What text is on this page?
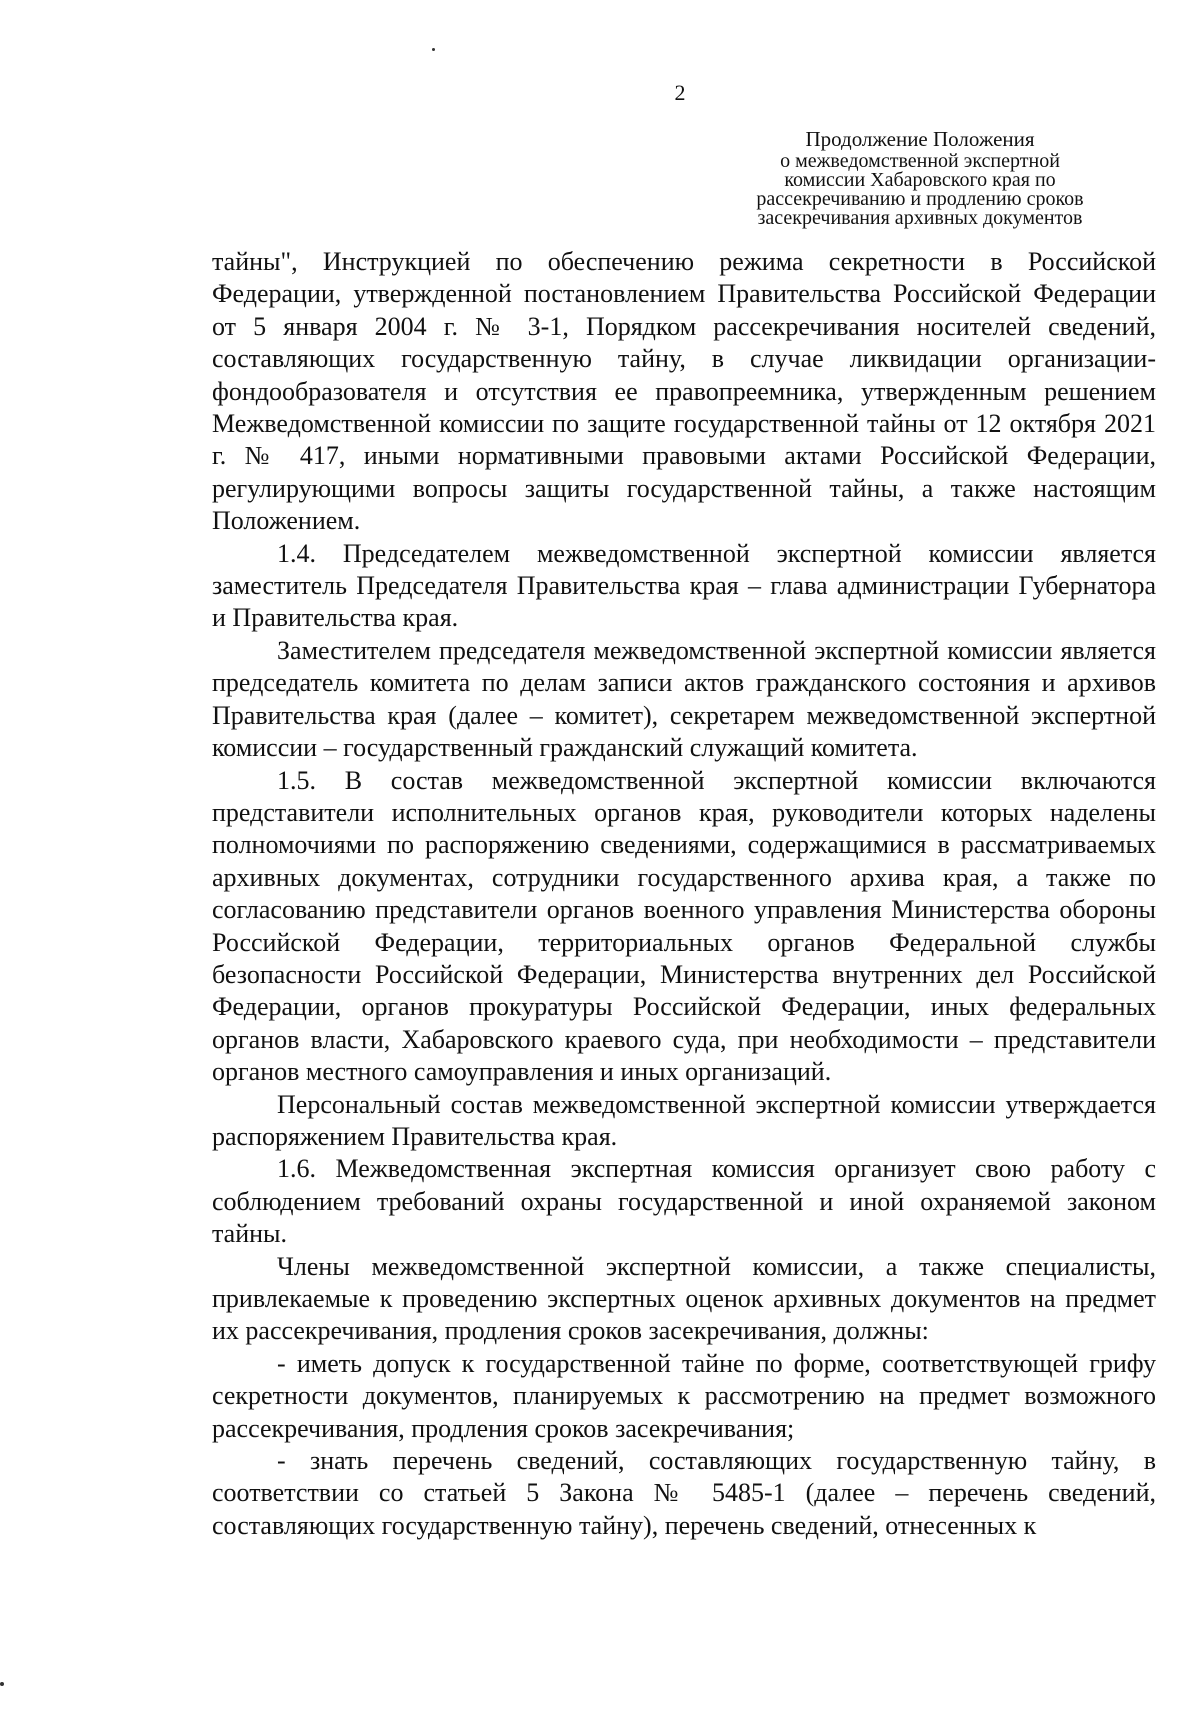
2
Продолжение Положения
о межведомственной экспертной
комиссии Хабаровского края по
рассекречиванию и продлению сроков
засекречивания архивных документов

тайны", Инструкцией по обеспечению режима секретности в Российской Федерации, утвержденной постановлением Правительства Российской Федерации от 5 января 2004 г. № 3-1, Порядком рассекречивания носителей сведений, составляющих государственную тайну, в случае ликвидации организации-фондообразователя и отсутствия ее правопреемника, утвержденным решением Межведомственной комиссии по защите государственной тайны от 12 октября 2021 г. № 417, иными нормативными правовыми актами Российской Федерации, регулирующими вопросы защиты государственной тайны, а также настоящим Положением.

1.4. Председателем межведомственной экспертной комиссии является заместитель Председателя Правительства края – глава администрации Губернатора и Правительства края.

Заместителем председателя межведомственной экспертной комиссии является председатель комитета по делам записи актов гражданского состояния и архивов Правительства края (далее – комитет), секретарем межведомственной экспертной комиссии – государственный гражданский служащий комитета.

1.5. В состав межведомственной экспертной комиссии включаются представители исполнительных органов края, руководители которых наделены полномочиями по распоряжению сведениями, содержащимися в рассматриваемых архивных документах, сотрудники государственного архива края, а также по согласованию представители органов военного управления Министерства обороны Российской Федерации, территориальных органов Федеральной службы безопасности Российской Федерации, Министерства внутренних дел Российской Федерации, органов прокуратуры Российской Федерации, иных федеральных органов власти, Хабаровского краевого суда, при необходимости – представители органов местного самоуправления и иных организаций.

Персональный состав межведомственной экспертной комиссии утверждается распоряжением Правительства края.

1.6. Межведомственная экспертная комиссия организует свою работу с соблюдением требований охраны государственной и иной охраняемой законом тайны.

Члены межведомственной экспертной комиссии, а также специалисты, привлекаемые к проведению экспертных оценок архивных документов на предмет их рассекречивания, продления сроков засекречивания, должны:

- иметь допуск к государственной тайне по форме, соответствующей грифу секретности документов, планируемых к рассмотрению на предмет возможного рассекречивания, продления сроков засекречивания;

- знать перечень сведений, составляющих государственную тайну, в соответствии со статьей 5 Закона № 5485-1 (далее – перечень сведений, составляющих государственную тайну), перечень сведений, отнесенных к
